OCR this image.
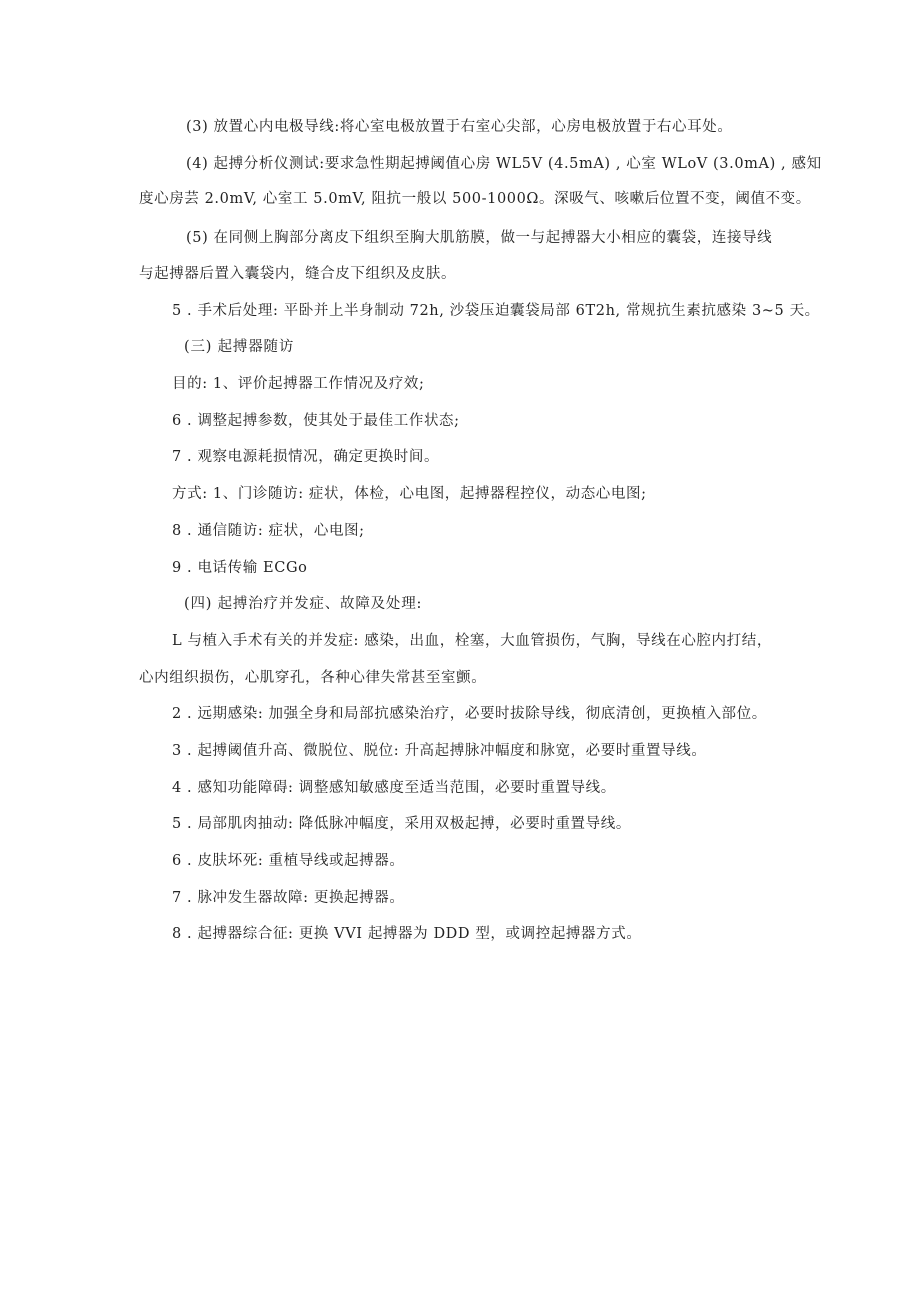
(3) 放置心内电极导线:将心室电极放置于右室心尖部，心房电极放置于右心耳处。
(4) 起搏分析仪测试:要求急性期起搏阈值心房 WL5V (4.5mA) , 心室 WLoV (3.0mA) , 感知
度心房芸 2.0mV, 心室工 5.0mV, 阻抗一般以 500-1000Ω。深吸气、咳嗽后位置不变，阈值不变。
(5) 在同侧上胸部分离皮下组织至胸大肌筋膜，做一与起搏器大小相应的囊袋，连接导线
与起搏器后置入囊袋内，缝合皮下组织及皮肤。
5 . 手术后处理: 平卧并上半身制动 72h, 沙袋压迫囊袋局部 6T2h, 常规抗生素抗感染 3~5 天。
(三) 起搏器随访
目的: 1、评价起搏器工作情况及疗效;
6 . 调整起搏参数，使其处于最佳工作状态;
7 . 观察电源耗损情况，确定更换时间。
方式: 1、门诊随访: 症状，体检，心电图，起搏器程控仪，动态心电图;
8 . 通信随访: 症状，心电图;
9 . 电话传输 ECGo
(四) 起搏治疗并发症、故障及处理:
L 与植入手术有关的并发症: 感染，出血，栓塞，大血管损伤，气胸，导线在心腔内打结，
心内组织损伤，心肌穿孔，各种心律失常甚至室颤。
2 . 远期感染: 加强全身和局部抗感染治疗，必要时拔除导线，彻底清创，更换植入部位。
3 . 起搏阈值升高、微脱位、脱位: 升高起搏脉冲幅度和脉宽，必要时重置导线。
4 . 感知功能障碍: 调整感知敏感度至适当范围，必要时重置导线。
5 . 局部肌肉抽动: 降低脉冲幅度，采用双极起搏，必要时重置导线。
6 . 皮肤坏死: 重植导线或起搏器。
7 . 脉冲发生器故障: 更换起搏器。
8 . 起搏器综合征: 更换 VVI 起搏器为 DDD 型，或调控起搏器方式。
